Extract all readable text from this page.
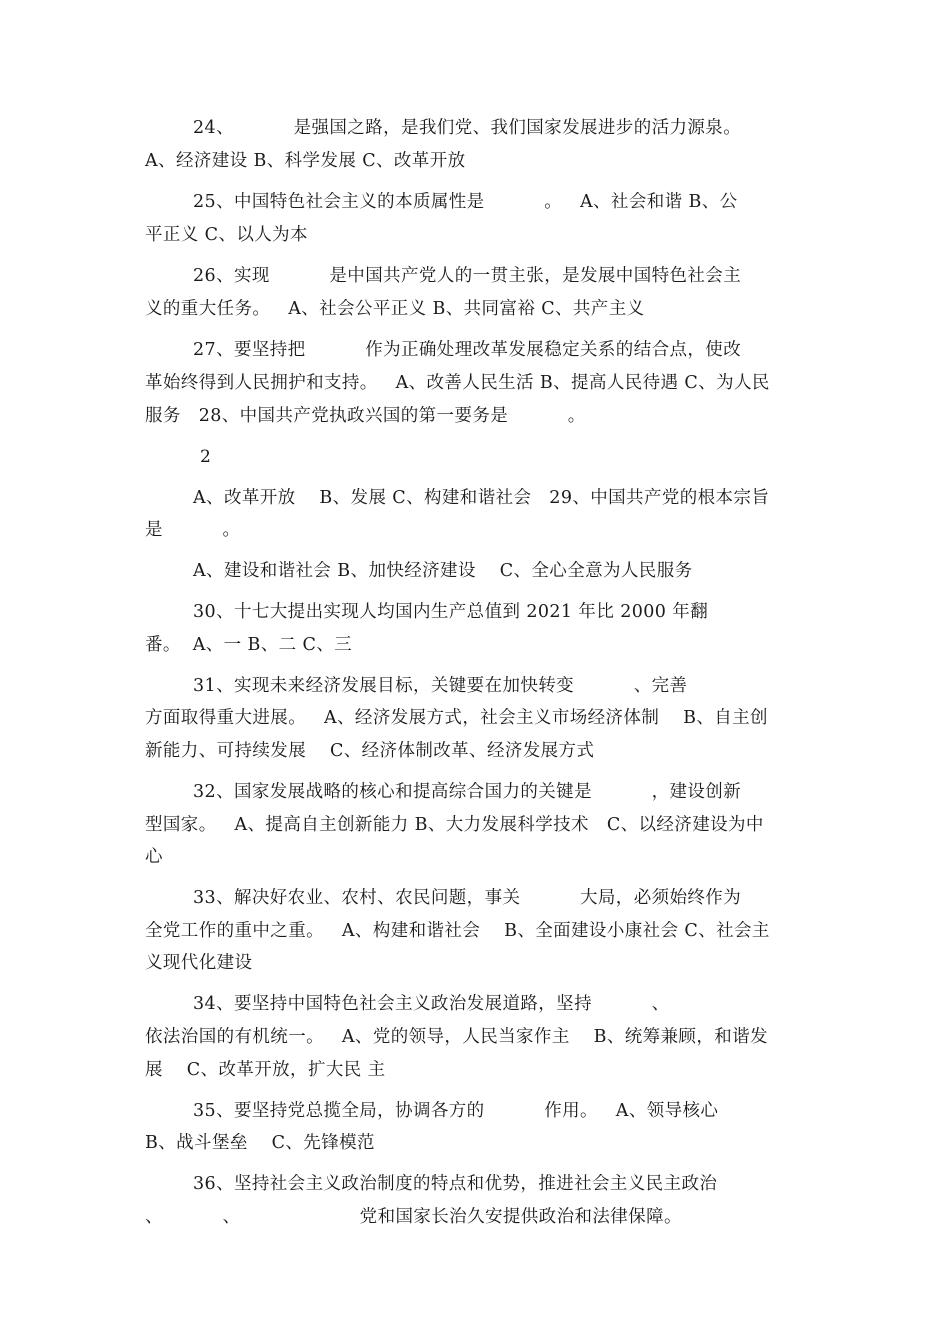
24、          是强国之路，是我们党、我们国家发展进步的活力源泉。
A、经济建设 B、科学发展 C、改革开放
25、中国特色社会主义的本质属性是          。   A、社会和谐 B、公
平正义 C、以人为本
26、实现          是中国共产党人的一贯主张，是发展中国特色社会主
义的重大任务。   A、社会公平正义 B、共同富裕 C、共产主义
27、要坚持把          作为正确处理改革发展稳定关系的结合点，使改
革始终得到人民拥护和支持。   A、改善人民生活 B、提高人民待遇 C、为人民
服务   28、中国共产党执政兴国的第一要务是          。
2
A、改革开放    B、发展 C、构建和谐社会   29、中国共产党的根本宗旨
是          。
A、建设和谐社会 B、加快经济建设    C、全心全意为人民服务
30、十七大提出实现人均国内生产总值到 2021 年比 2000 年翻
番。  A、一 B、二 C、三
31、实现未来经济发展目标，关键要在加快转变          、完善
方面取得重大进展。   A、经济发展方式，社会主义市场经济体制    B、自主创
新能力、可持续发展    C、经济体制改革、经济发展方式
32、国家发展战略的核心和提高综合国力的关键是          ，建设创新
型国家。   A、提高自主创新能力 B、大力发展科学技术   C、以经济建设为中
心
33、解决好农业、农村、农民问题，事关          大局，必须始终作为
全党工作的重中之重。   A、构建和谐社会    B、全面建设小康社会 C、社会主
义现代化建设
34、要坚持中国特色社会主义政治发展道路，坚持          、
依法治国的有机统一。   A、党的领导，人民当家作主    B、统筹兼顾，和谐发
展    C、改革开放，扩大民 主
35、要坚持党总揽全局，协调各方的          作用。   A、领导核心
B、战斗堡垒    C、先锋模范
36、坚持社会主义政治制度的特点和优势，推进社会主义民主政治
、          、                    党和国家长治久安提供政治和法律保障。
